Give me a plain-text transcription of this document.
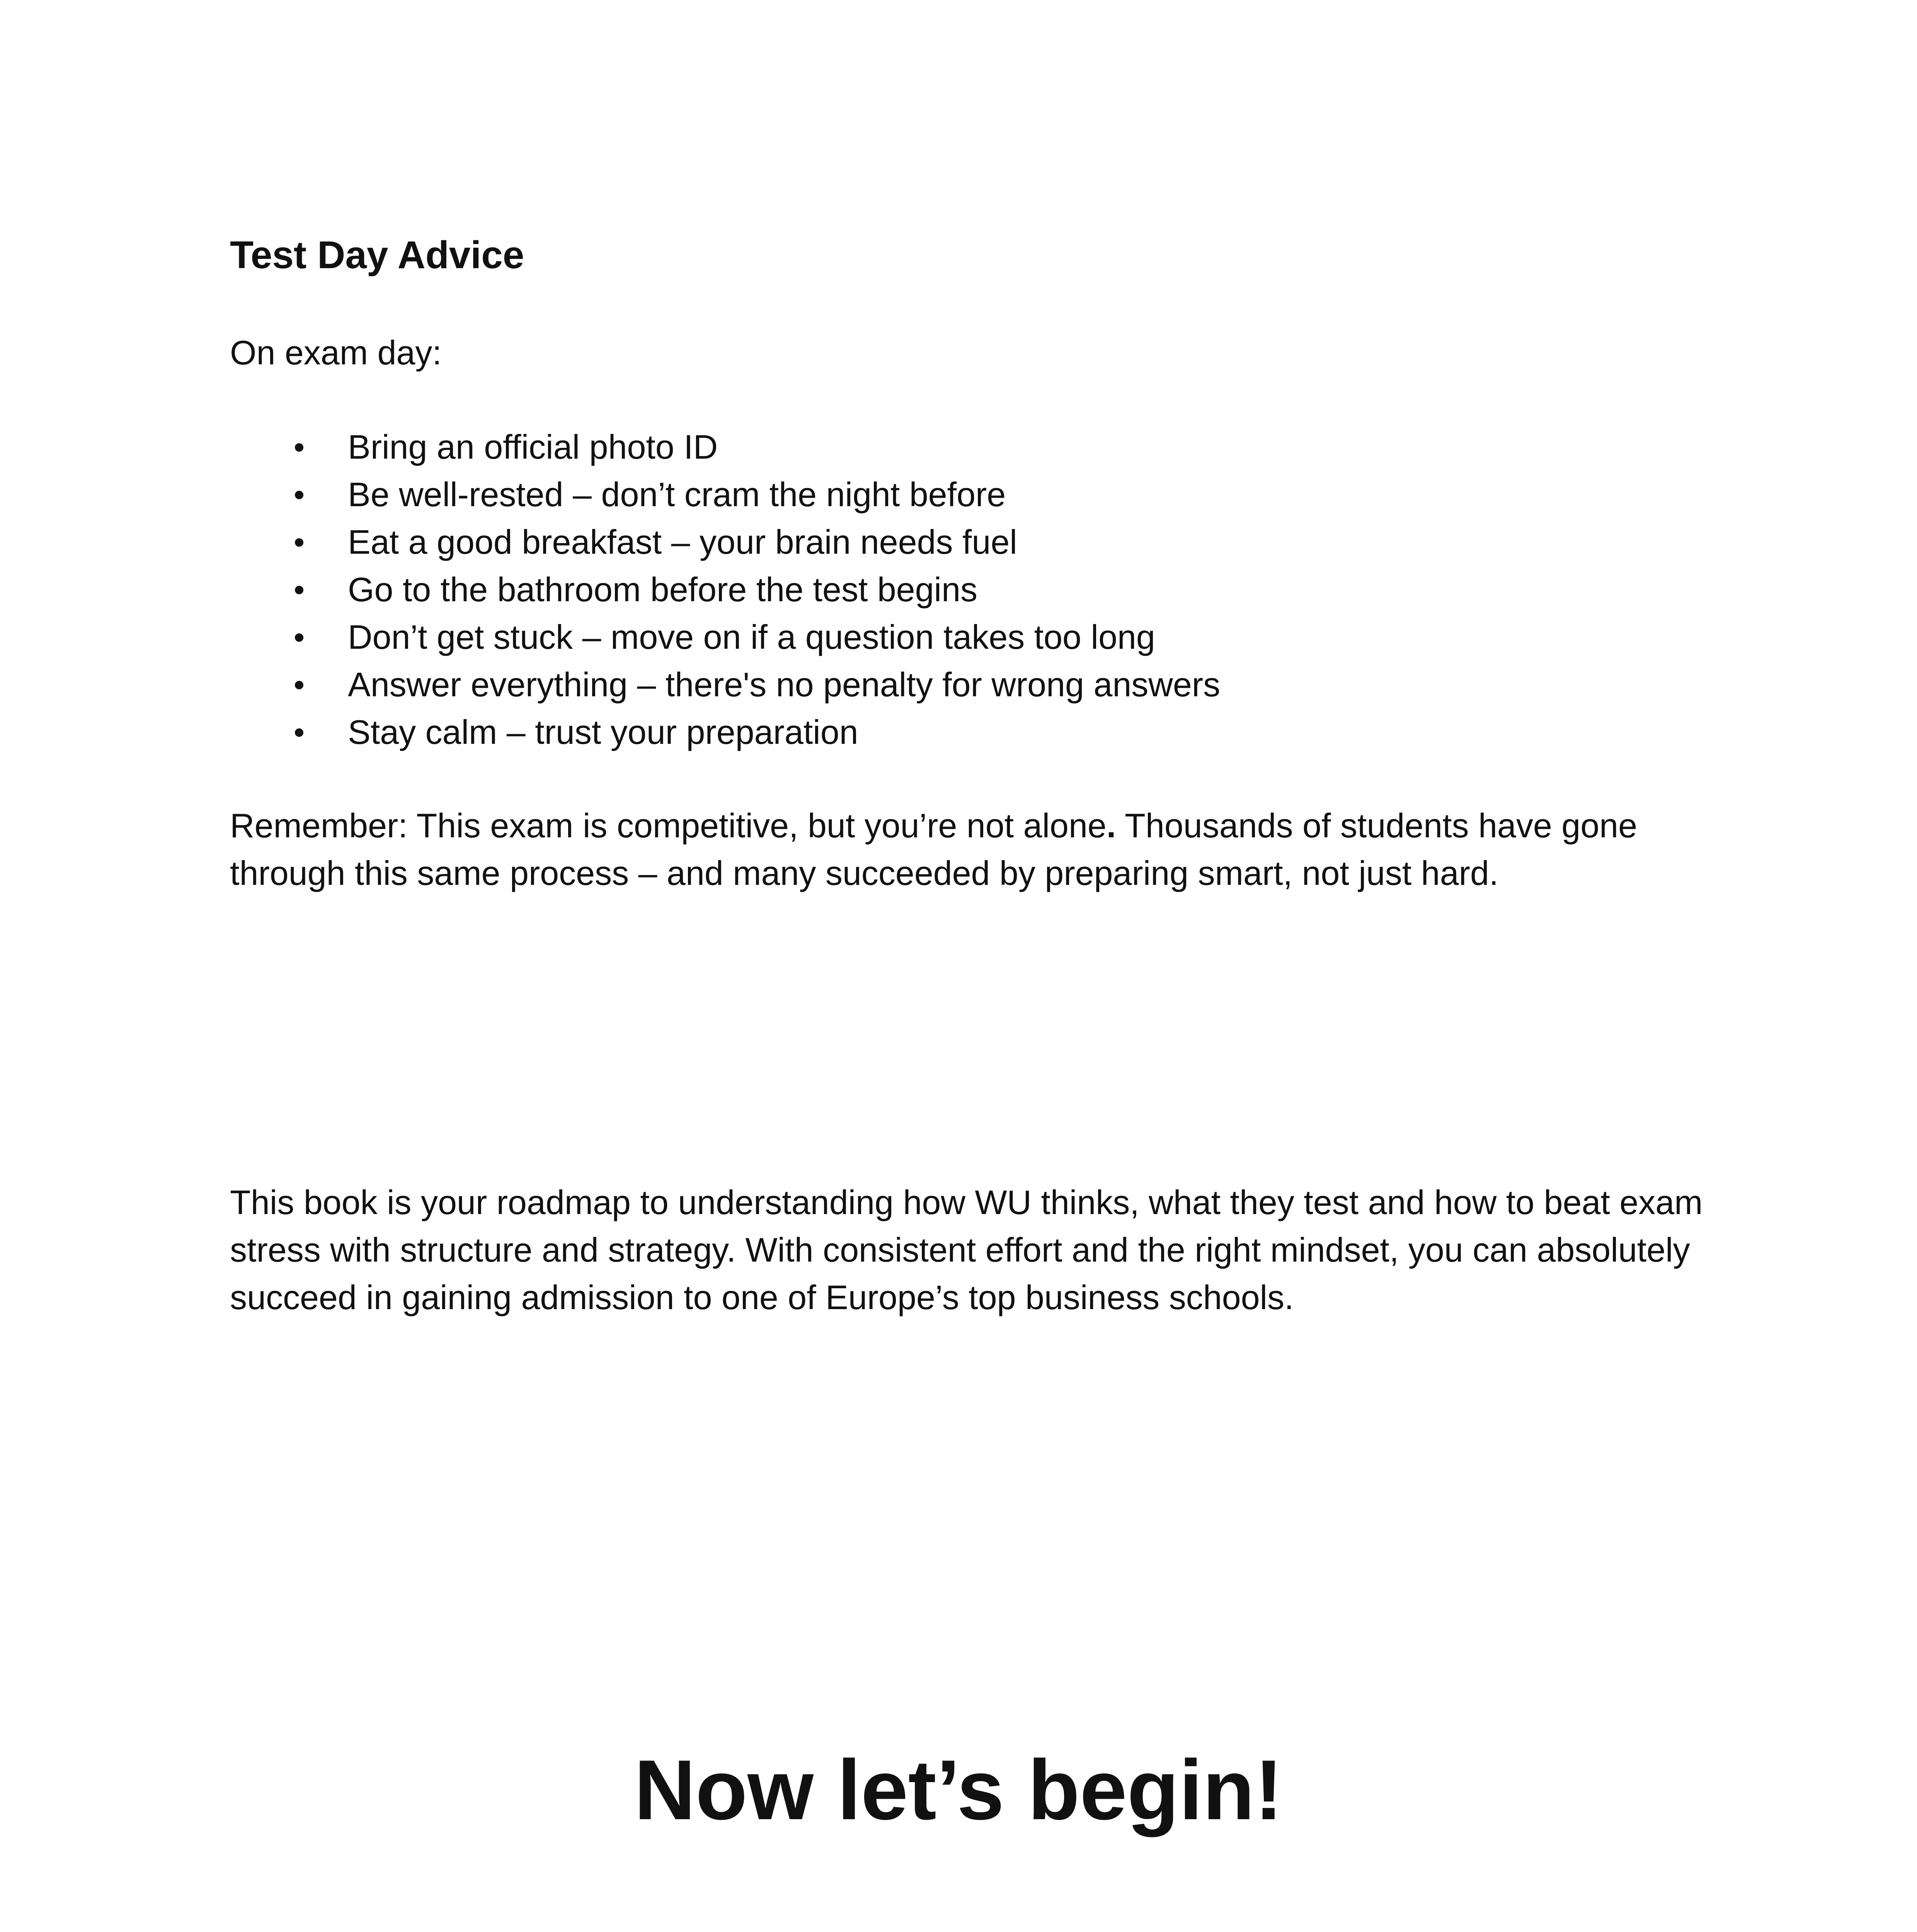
Test Day Advice

On exam day:

Bring an official photo ID
Be well-rested – don’t cram the night before
Eat a good breakfast – your brain needs fuel
Go to the bathroom before the test begins
Don’t get stuck – move on if a question takes too long
Answer everything – there's no penalty for wrong answers
Stay calm – trust your preparation

Remember: This exam is competitive, but you’re not alone. Thousands of students have gone through this same process – and many succeeded by preparing smart, not just hard.

This book is your roadmap to understanding how WU thinks, what they test and how to beat exam stress with structure and strategy. With consistent effort and the right mindset, you can absolutely succeed in gaining admission to one of Europe’s top business schools.

Now let’s begin!
